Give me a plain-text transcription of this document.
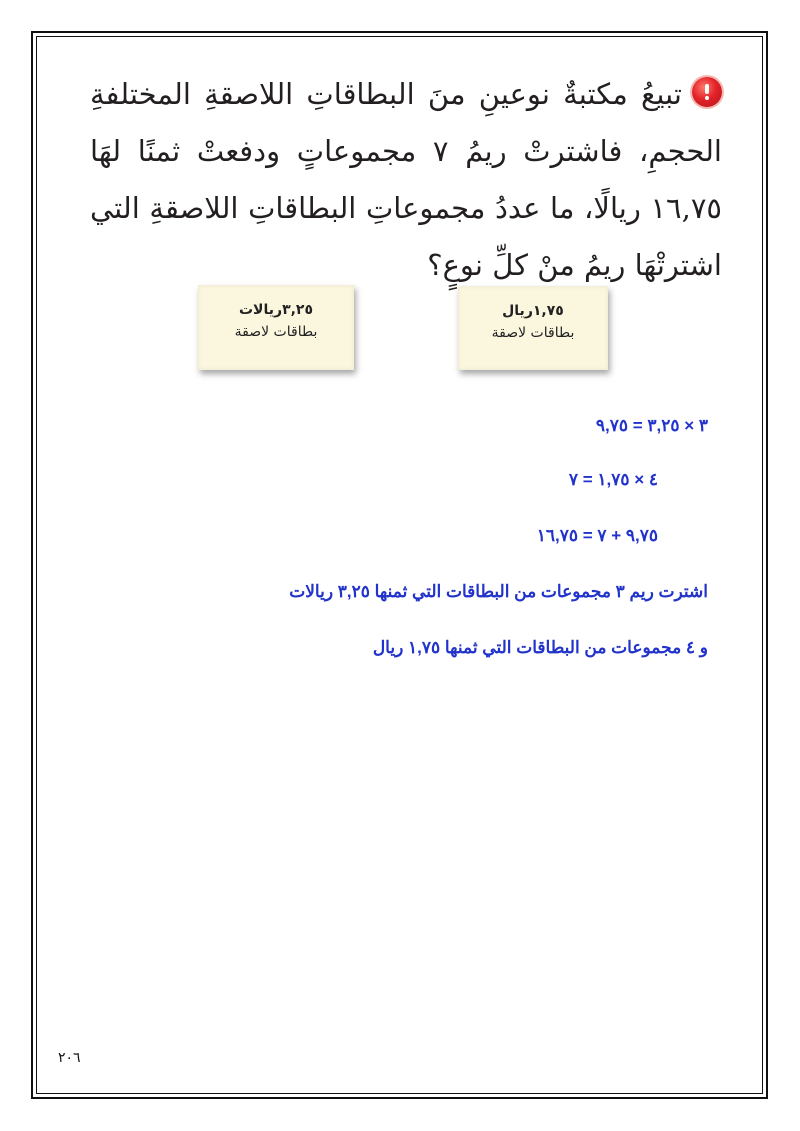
تبيعُ مكتبةٌ نوعينِ منَ البطاقاتِ اللاصقةِ المختلفةِ الحجمِ، فاشترتْ ريمُ ٧ مجموعاتٍ ودفعتْ ثمنًا لهَا ١٦,٧٥ ريالًا، ما عددُ مجموعاتِ البطاقاتِ اللاصقةِ التي اشترتْهَا ريمُ منْ كلِّ نوعٍ؟
٣,٢٥ريالات
بطاقات لاصقة
١,٧٥ريال
بطاقات لاصقة
٣ × ٣,٢٥ = ٩,٧٥
٤ × ١,٧٥ = ٧
٩,٧٥ + ٧ = ١٦,٧٥
اشترت ريم ٣ مجموعات من البطاقات التي ثمنها ٣,٢٥ ريالات
و ٤ مجموعات من البطاقات التي ثمنها ١,٧٥ ريال
٢٠٦
